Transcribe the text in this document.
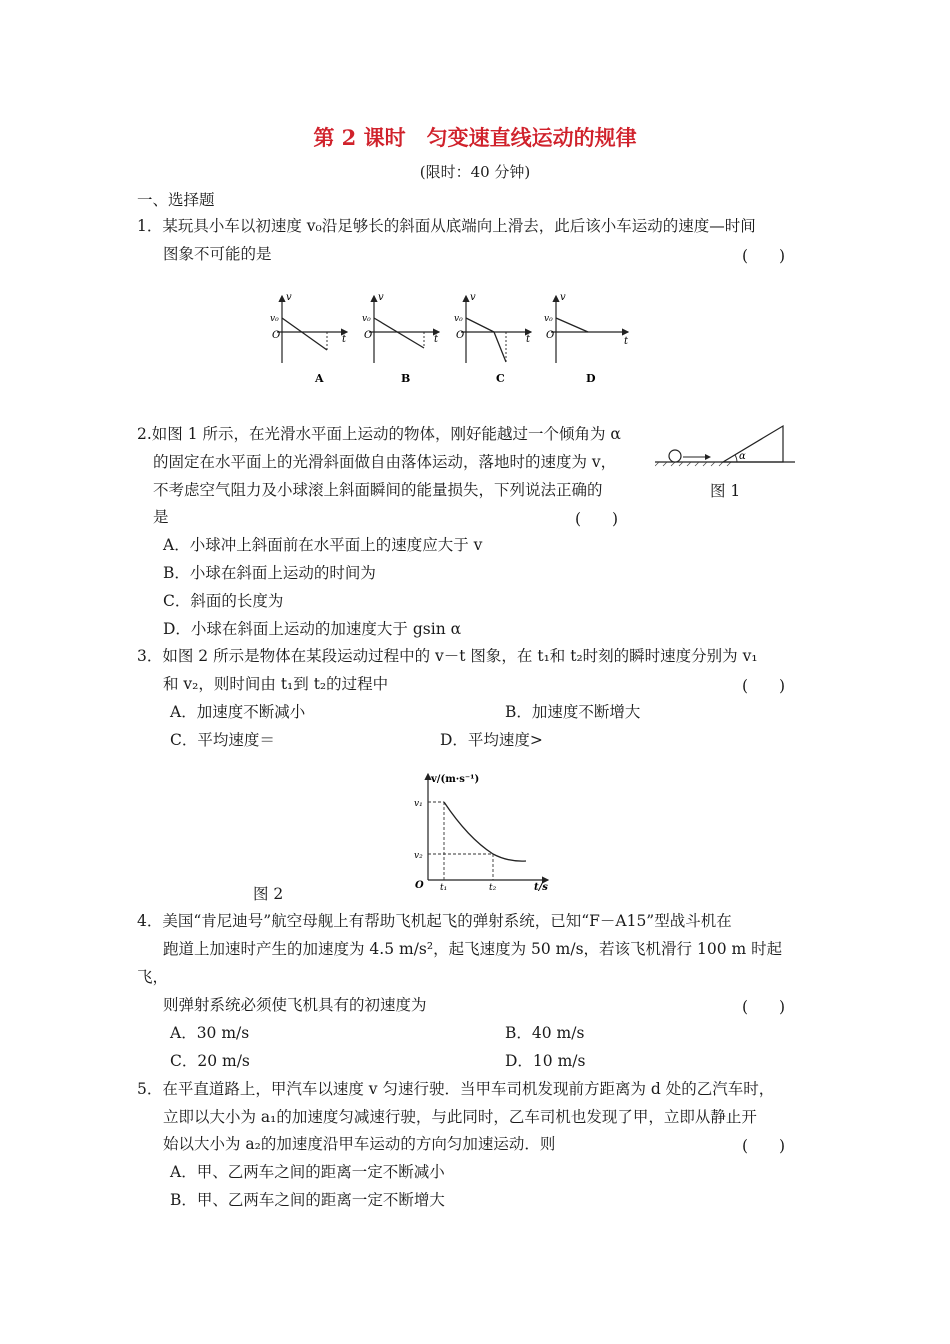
第 2 课时　匀变速直线运动的规律
(限时：40 分钟)
一、选择题
1．某玩具小车以初速度 v₀沿足够长的斜面从底端向上滑去，此后该小车运动的速度—时间
图象不可能的是	(　　)
v
v₀
O	t
A
v
v₀
O	t
B
v
v₀
O	t
C
v
v₀
O
t
D
2.如图 1 所示，在光滑水平面上运动的物体，刚好能越过一个倾角为 α
的固定在水平面上的光滑斜面做自由落体运动，落地时的速度为 v，
不考虑空气阻力及小球滚上斜面瞬间的能量损失，下列说法正确的
是	(　　)
α
图 1
A．小球冲上斜面前在水平面上的速度应大于 v
B．小球在斜面上运动的时间为
C．斜面的长度为
D．小球在斜面上运动的加速度大于 gsin α
3．如图 2 所示是物体在某段运动过程中的 v－t 图象，在 t₁和 t₂时刻的瞬时速度分别为 v₁
和 v₂，则时间由 t₁到 t₂的过程中	(　　)
A．加速度不断减小	B．加速度不断增大
C．平均速度＝	D．平均速度>
v/(m·s⁻¹)
t/s
O
v₁
v₂
t₁	t₂
图 2
4．美国“肯尼迪号”航空母舰上有帮助飞机起飞的弹射系统，已知“F－A15”型战斗机在
跑道上加速时产生的加速度为 4.5 m/s²，起飞速度为 50 m/s，若该飞机滑行 100 m 时起
飞，
则弹射系统必须使飞机具有的初速度为	(　　)
A．30 m/s	B．40 m/s
C．20 m/s	D．10 m/s
5．在平直道路上，甲汽车以速度 v 匀速行驶．当甲车司机发现前方距离为 d 处的乙汽车时，
立即以大小为 a₁的加速度匀减速行驶，与此同时，乙车司机也发现了甲，立即从静止开
始以大小为 a₂的加速度沿甲车运动的方向匀加速运动．则	(　　)
A．甲、乙两车之间的距离一定不断减小
B．甲、乙两车之间的距离一定不断增大
